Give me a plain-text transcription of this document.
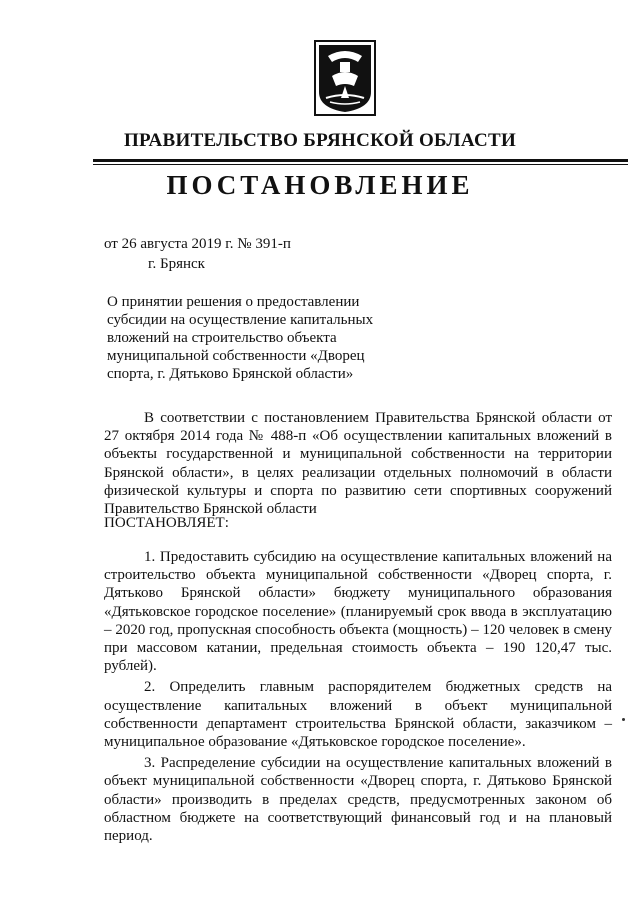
ПРАВИТЕЛЬСТВО БРЯНСКОЙ ОБЛАСТИ
ПОСТАНОВЛЕНИЕ
от 26 августа 2019 г. № 391-п
г. Брянск
О принятии решения о предоставлении
субсидии на осуществление капитальных
вложений на строительство объекта
муниципальной собственности «Дворец
спорта, г. Дятьково Брянской области»
В соответствии с постановлением Правительства Брянской области от 27 октября 2014 года № 488-п «Об осуществлении капитальных вложений в объекты государственной и муниципальной собственности на территории Брянской области», в целях реализации отдельных полномочий в области физической культуры и спорта по развитию сети спортивных сооружений Правительство Брянской области
ПОСТАНОВЛЯЕТ:

1. Предоставить субсидию на осуществление капитальных вложений на строительство объекта муниципальной собственности «Дворец спорта, г. Дятьково Брянской области» бюджету муниципального образования «Дятьковское городское поселение» (планируемый срок ввода в эксплуатацию – 2020 год, пропускная способность объекта (мощность) – 120 человек в смену при массовом катании, предельная стоимость объекта – 190 120,47 тыс. рублей).

2. Определить главным распорядителем бюджетных средств на осуществление капитальных вложений в объект муниципальной собственности департамент строительства Брянской области, заказчиком – муниципальное образование «Дятьковское городское поселение».

3. Распределение субсидии на осуществление капитальных вложений в объект муниципальной собственности «Дворец спорта, г. Дятьково Брянской области» производить в пределах средств, предусмотренных законом об областном бюджете на соответствующий финансовый год и на плановый период.
